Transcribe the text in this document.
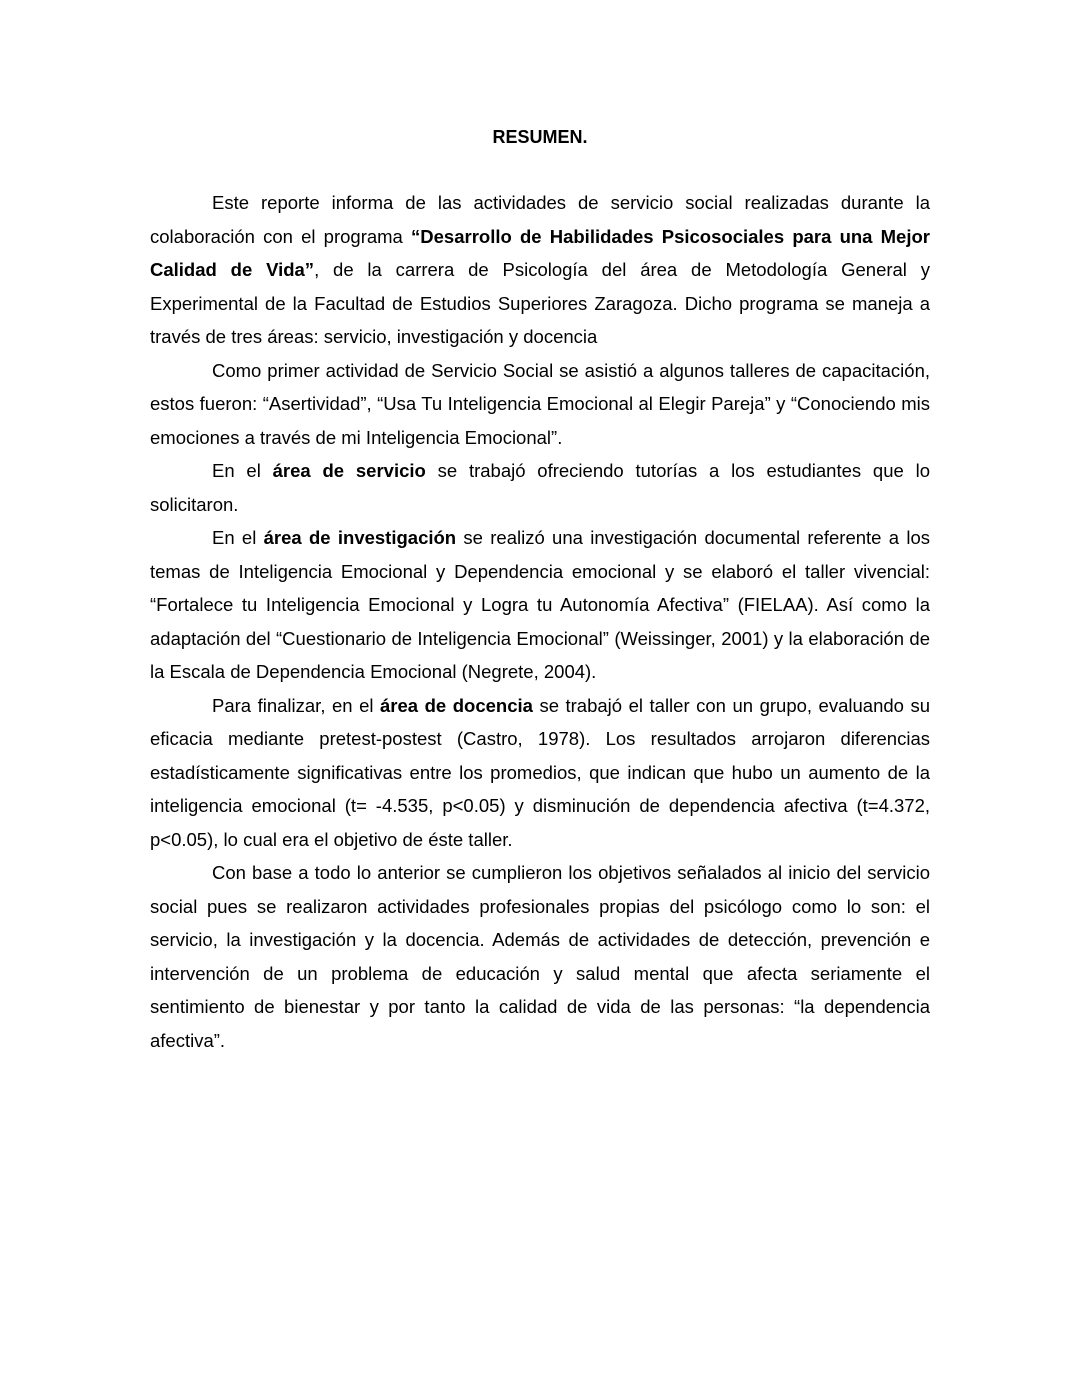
RESUMEN.

Este reporte informa de las actividades de servicio social realizadas durante la colaboración con el programa “Desarrollo de Habilidades Psicosociales para una Mejor Calidad de Vida”, de la carrera de Psicología del área de Metodología General y Experimental de la Facultad de Estudios Superiores Zaragoza. Dicho programa se maneja a través de tres áreas: servicio, investigación y docencia

Como primer actividad de Servicio Social se asistió a algunos talleres de capacitación, estos fueron: “Asertividad”, “Usa Tu Inteligencia Emocional al Elegir Pareja” y “Conociendo mis emociones a través de mi Inteligencia Emocional”.

En el área de servicio se trabajó ofreciendo tutorías a los estudiantes que lo solicitaron.

En el área de investigación se realizó una investigación documental referente a los temas de Inteligencia Emocional y Dependencia emocional y se elaboró el taller vivencial: “Fortalece tu Inteligencia Emocional y Logra tu Autonomía Afectiva” (FIELAA). Así como la adaptación del “Cuestionario de Inteligencia Emocional” (Weissinger, 2001) y la elaboración de la Escala de Dependencia Emocional (Negrete, 2004).

Para finalizar, en el área de docencia se trabajó el taller con un grupo, evaluando su eficacia mediante pretest-postest (Castro, 1978). Los resultados arrojaron diferencias estadísticamente significativas entre los promedios, que indican que hubo un aumento de la inteligencia emocional (t= -4.535, p<0.05) y disminución de dependencia afectiva (t=4.372, p<0.05), lo cual era el objetivo de éste taller.

Con base a todo lo anterior se cumplieron los objetivos señalados al inicio del servicio social pues se realizaron actividades profesionales propias del psicólogo como lo son: el servicio, la investigación y la docencia. Además de actividades de detección, prevención e intervención de un problema de educación y salud mental que afecta seriamente el sentimiento de bienestar y por tanto la calidad de vida de las personas: “la dependencia afectiva”.
